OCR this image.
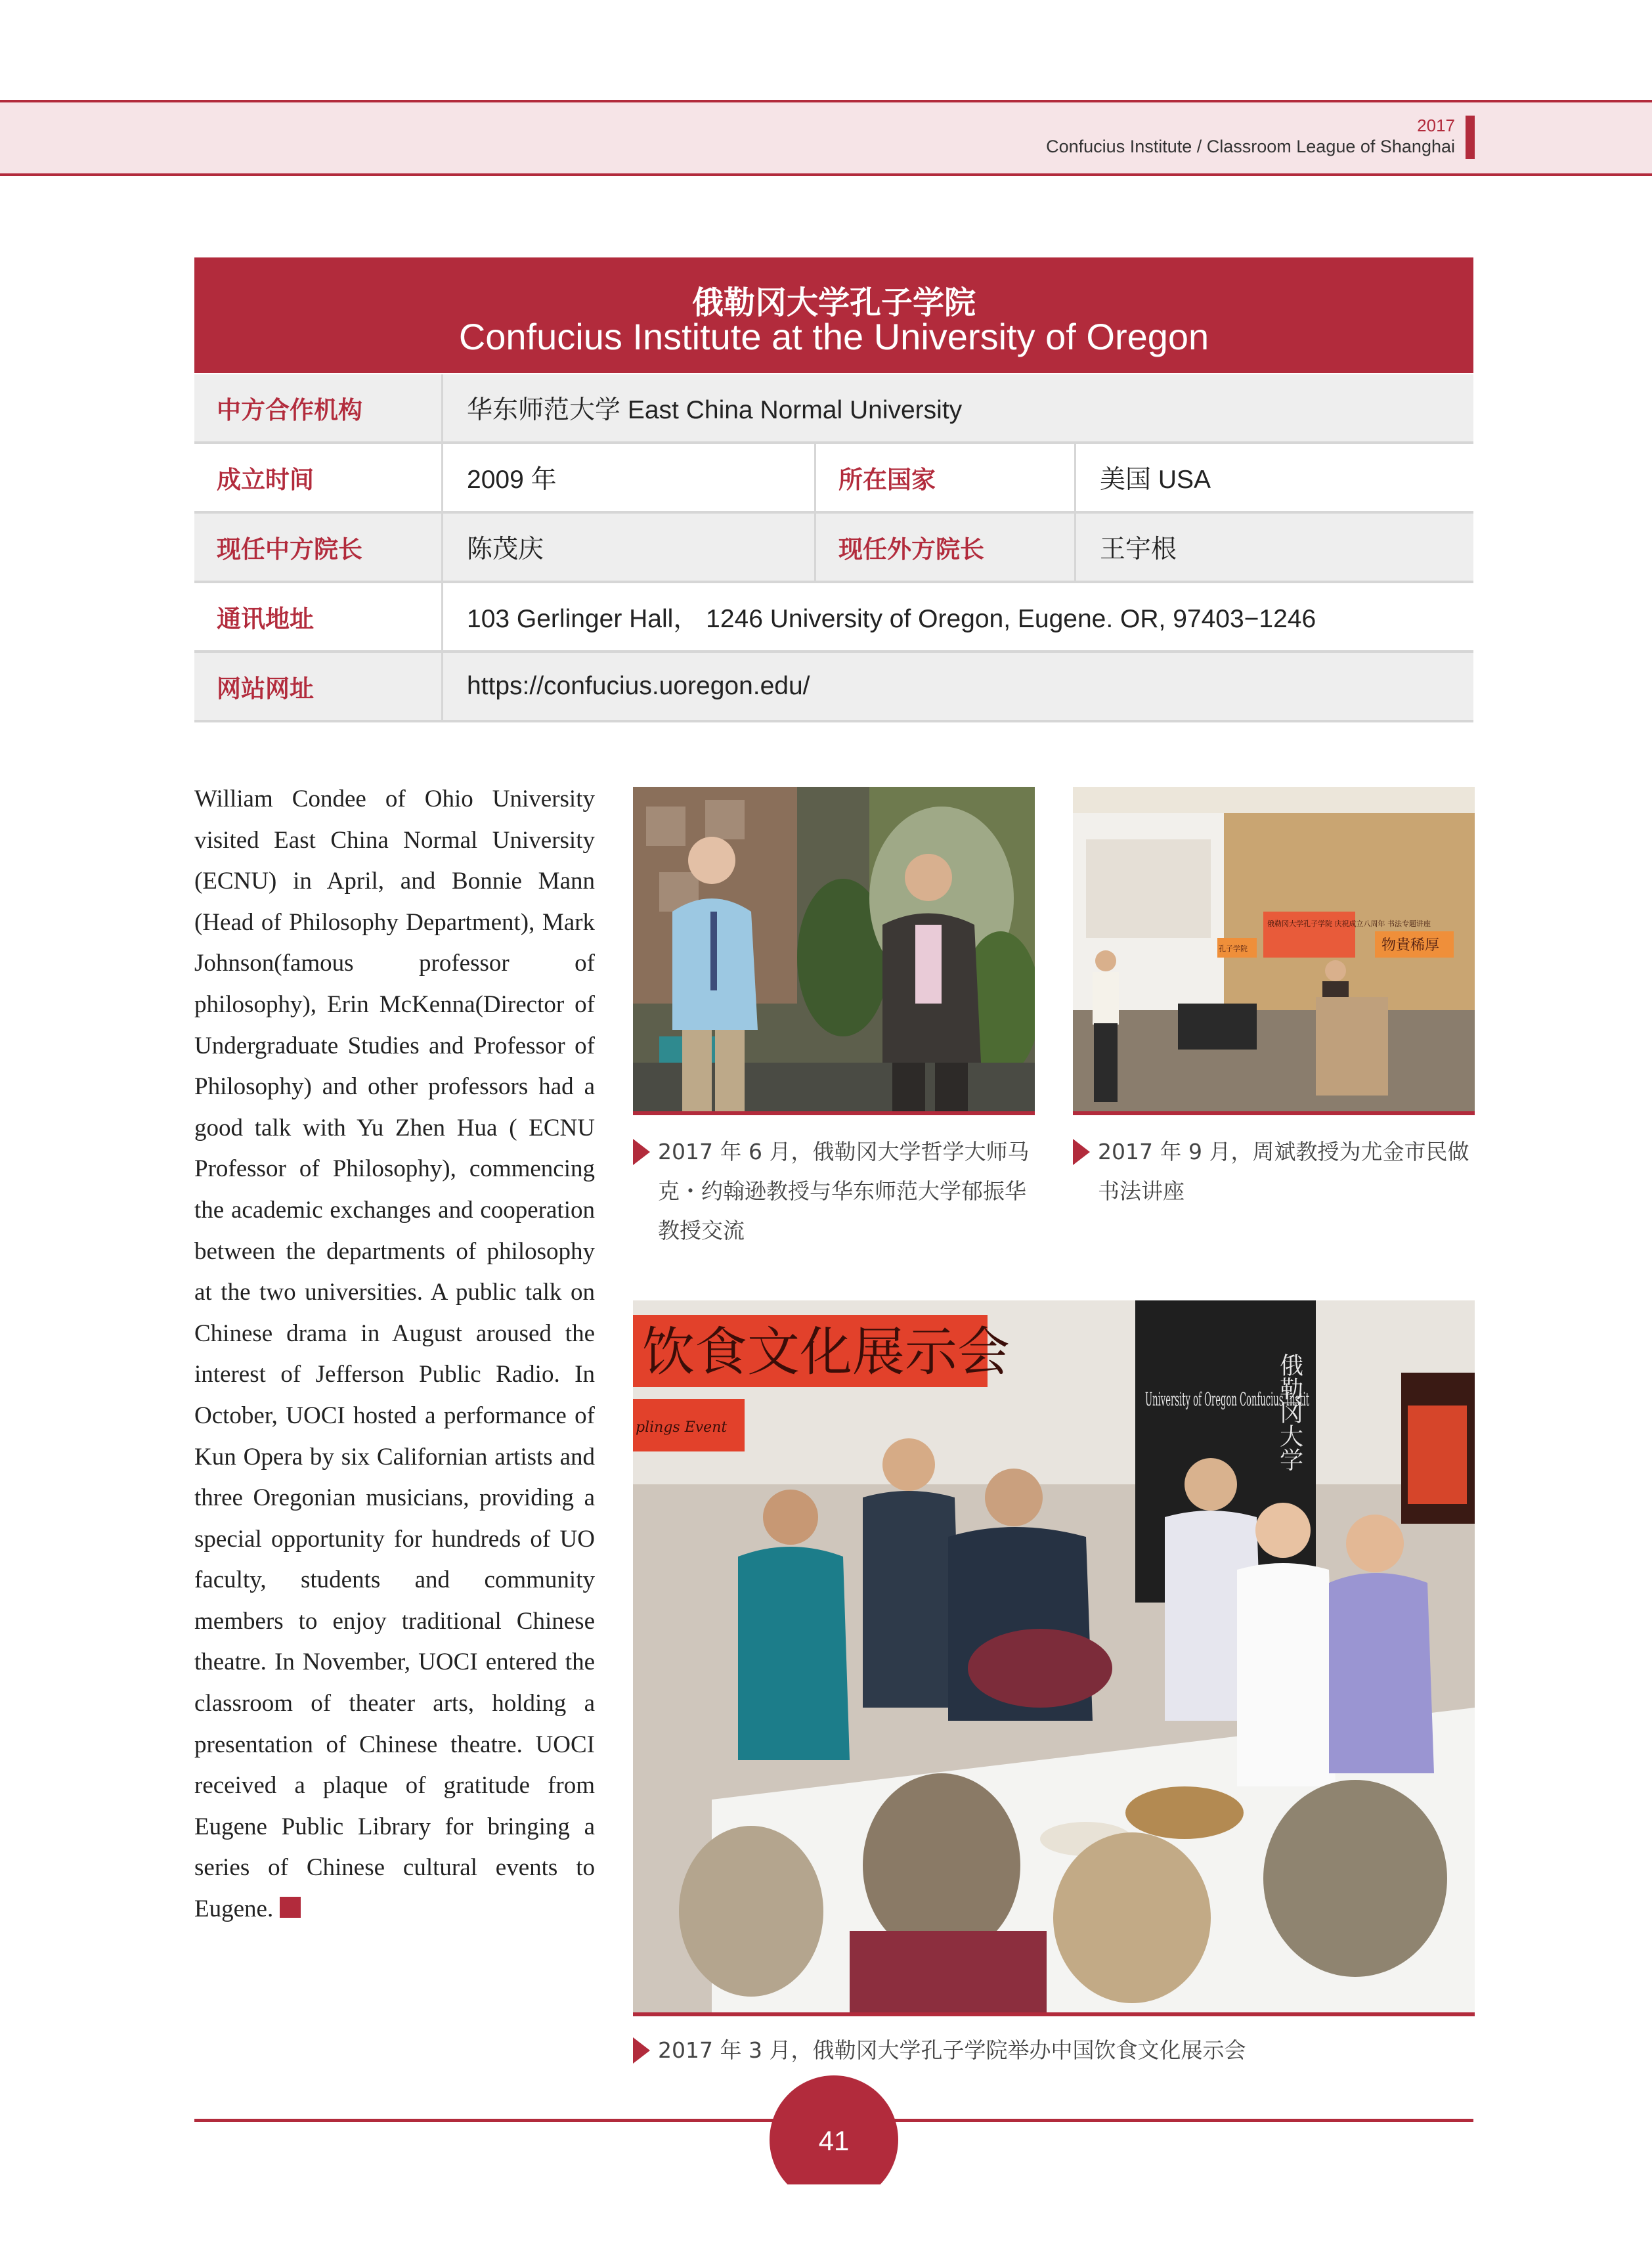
2017
Confucius Institute / Classroom League of Shanghai
俄勒冈大学孔子学院
Confucius Institute at the University of Oregon
中方合作机构	华东师范大学 East China Normal University
成立时间	2009 年	所在国家	美国 USA
现任中方院长	陈茂庆	现任外方院长	王宇根
通讯地址	103 Gerlinger Hall， 1246 University of Oregon, Eugene. OR, 97403−1246
网站网址	https://confucius.uoregon.edu/
William Condee of Ohio University visited East China Normal University (ECNU) in April, and Bonnie Mann (Head of Philosophy Department), Mark Johnson(famous professor of philosophy), Erin McKenna(Director of Undergraduate Studies and Professor of Philosophy) and other professors had a good talk with Yu Zhen Hua ( ECNU Professor of Philosophy), commencing the academic exchanges and cooperation between the departments of philosophy at the two universities. A public talk on Chinese drama in August aroused the interest of Jefferson Public Radio. In October, UOCI hosted a performance of Kun Opera by six Californian artists and three Oregonian musicians, providing a special opportunity for hundreds of UO faculty, students and community members to enjoy traditional Chinese theatre. In November, UOCI entered the classroom of theater arts, holding a presentation of Chinese theatre. UOCI received a plaque of gratitude from Eugene Public Library for bringing a series of Chinese cultural events to Eugene.
物貴稀厚
俄勒冈大学孔子学院 庆祝成立八周年 书法专题讲座
孔子学院
饮食文化展示会
plings Event
University of Oregon Confucius Instit
俄勒冈大学
2017 年 6 月，俄勒冈大学哲学大师马克・约翰逊教授与华东师范大学郁振华教授交流
2017 年 9 月，周斌教授为尤金市民做书法讲座
2017 年 3 月，俄勒冈大学孔子学院举办中国饮食文化展示会
41
